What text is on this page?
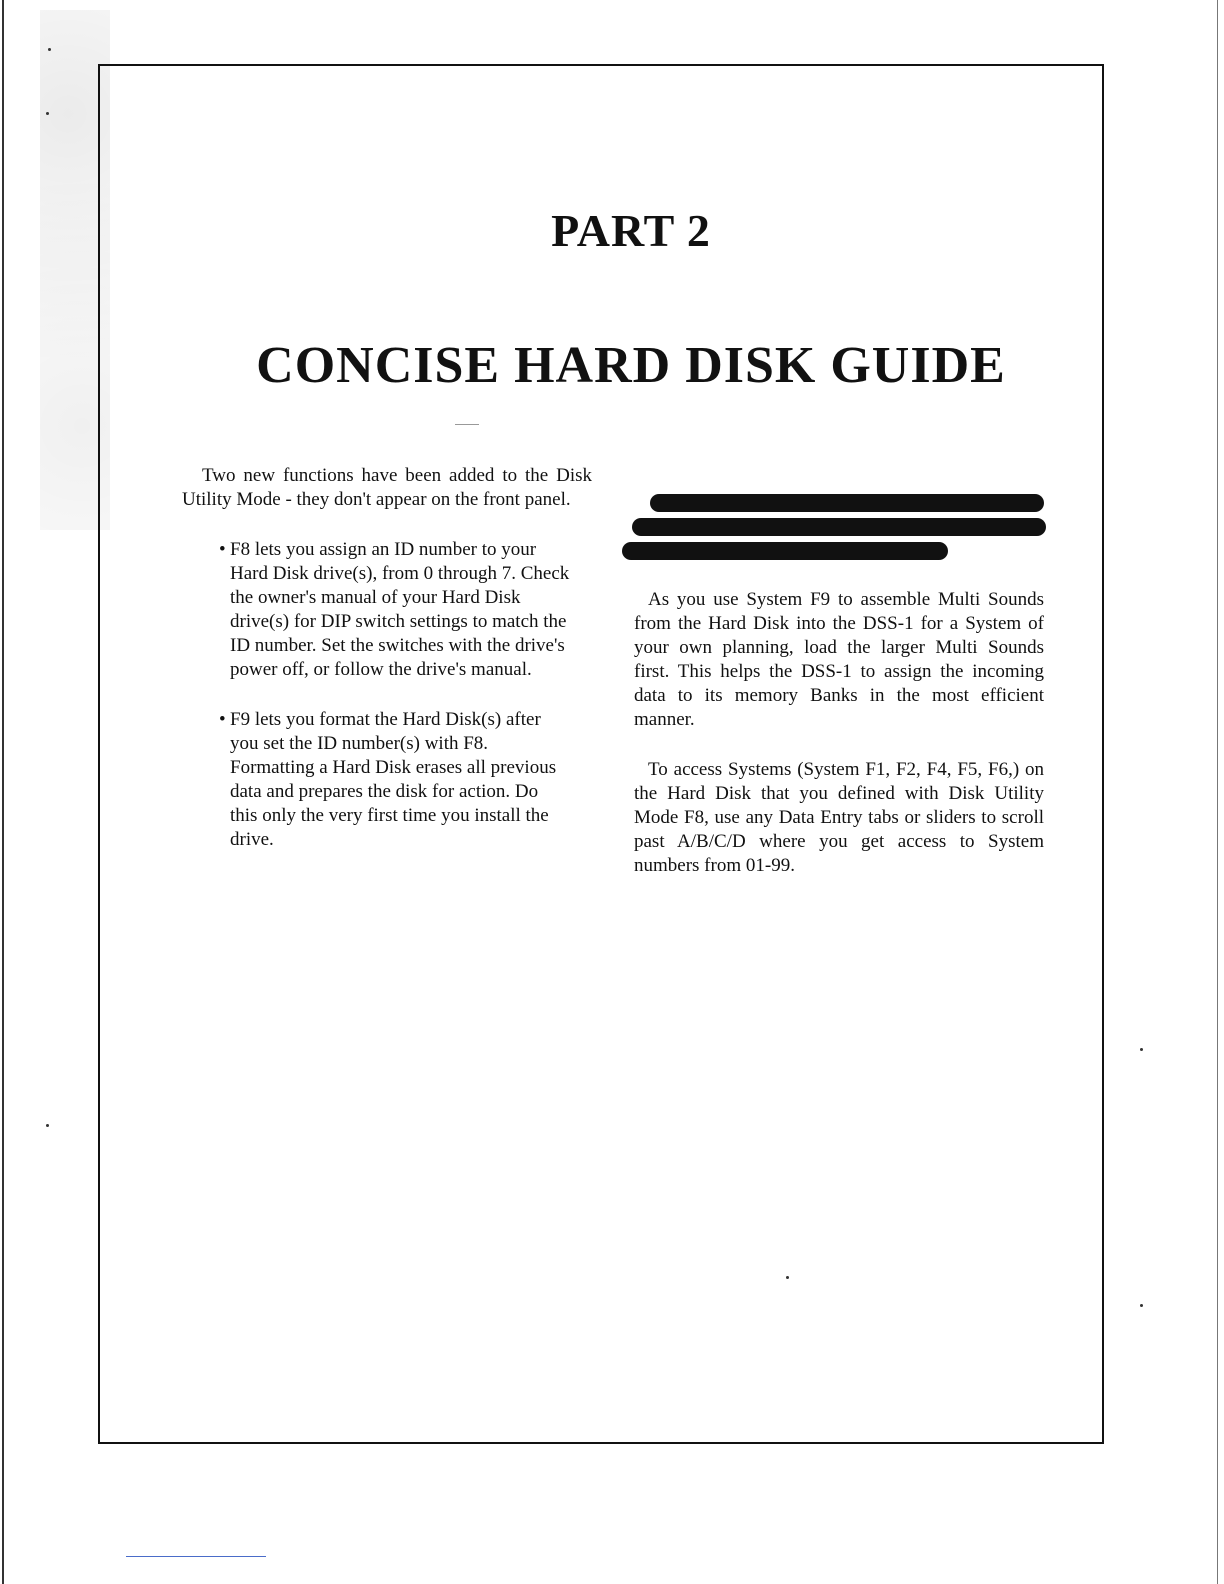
PART 2
CONCISE HARD DISK GUIDE

Two new functions have been added to the Disk Utility Mode - they don't appear on the front panel.

• F8 lets you assign an ID number to your Hard Disk drive(s), from 0 through 7. Check the owner's manual of your Hard Disk drive(s) for DIP switch settings to match the ID number. Set the switches with the drive's power off, or follow the drive's manual.

• F9 lets you format the Hard Disk(s) after you set the ID number(s) with F8. Formatting a Hard Disk erases all previous data and prepares the disk for action. Do this only the very first time you install the drive.

As you use System F9 to assemble Multi Sounds from the Hard Disk into the DSS-1 for a System of your own planning, load the larger Multi Sounds first. This helps the DSS-1 to assign the incoming data to its memory Banks in the most efficient manner.

To access Systems (System F1, F2, F4, F5, F6,) on the Hard Disk that you defined with Disk Utility Mode F8, use any Data Entry tabs or sliders to scroll past A/B/C/D where you get access to System numbers from 01-99.
